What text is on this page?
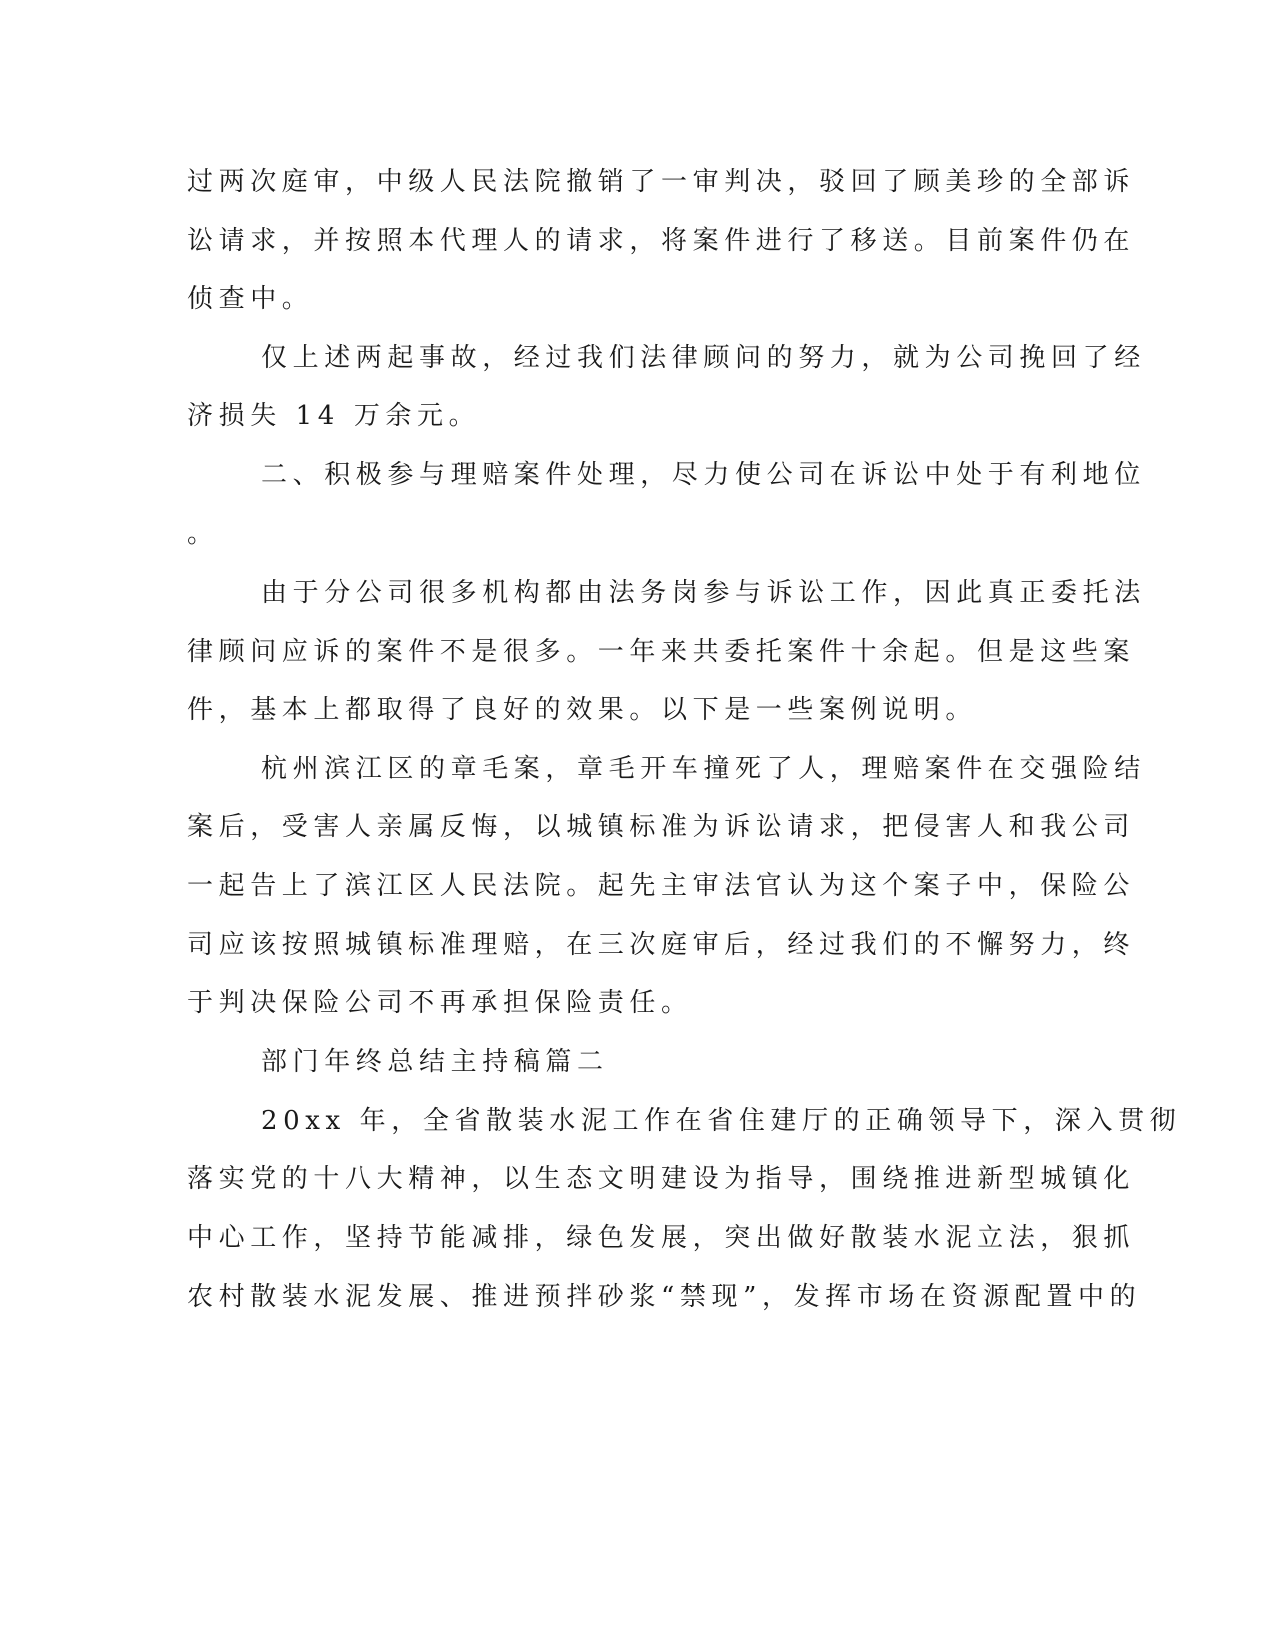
过两次庭审，中级人民法院撤销了一审判决，驳回了顾美珍的全部诉

讼请求，并按照本代理人的请求，将案件进行了移送。目前案件仍在

侦查中。

仅上述两起事故，经过我们法律顾问的努力，就为公司挽回了经

济损失 14 万余元。

二、积极参与理赔案件处理，尽力使公司在诉讼中处于有利地位

。

由于分公司很多机构都由法务岗参与诉讼工作，因此真正委托法

律顾问应诉的案件不是很多。一年来共委托案件十余起。但是这些案

件，基本上都取得了良好的效果。以下是一些案例说明。

杭州滨江区的章毛案，章毛开车撞死了人，理赔案件在交强险结

案后，受害人亲属反悔，以城镇标准为诉讼请求，把侵害人和我公司

一起告上了滨江区人民法院。起先主审法官认为这个案子中，保险公

司应该按照城镇标准理赔，在三次庭审后，经过我们的不懈努力，终

于判决保险公司不再承担保险责任。

部门年终总结主持稿篇二

20xx 年，全省散装水泥工作在省住建厅的正确领导下，深入贯彻

落实党的十八大精神，以生态文明建设为指导，围绕推进新型城镇化

中心工作，坚持节能减排，绿色发展，突出做好散装水泥立法，狠抓

农村散装水泥发展、推进预拌砂浆“禁现”，发挥市场在资源配置中的
